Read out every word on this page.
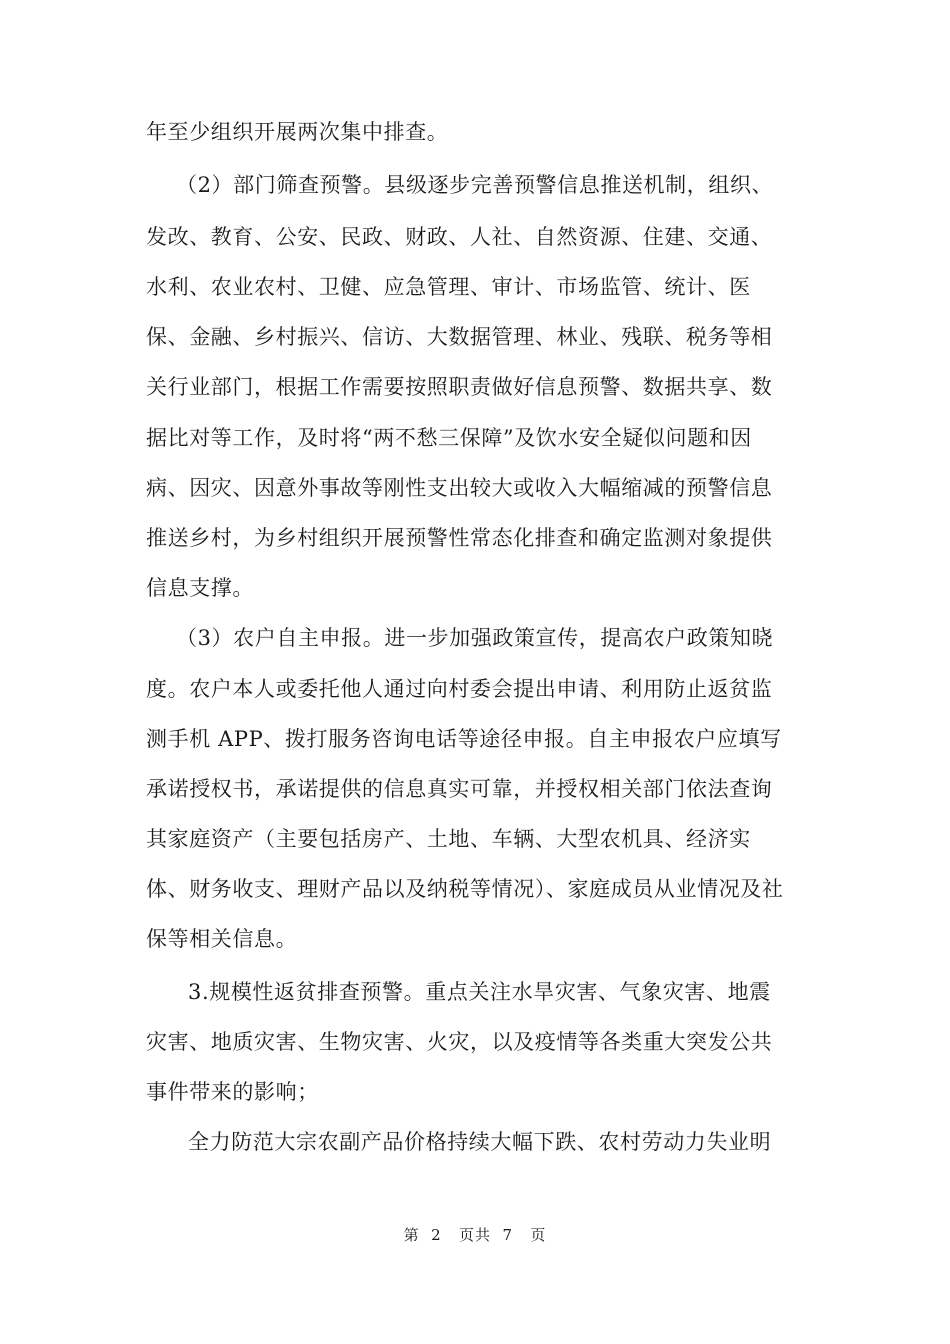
年至少组织开展两次集中排查。
（2）部门筛查预警。县级逐步完善预警信息推送机制，组织、
发改、教育、公安、民政、财政、人社、自然资源、住建、交通、
水利、农业农村、卫健、应急管理、审计、市场监管、统计、医
保、金融、乡村振兴、信访、大数据管理、林业、残联、税务等相
关行业部门，根据工作需要按照职责做好信息预警、数据共享、数
据比对等工作，及时将“两不愁三保障”及饮水安全疑似问题和因
病、因灾、因意外事故等刚性支出较大或收入大幅缩减的预警信息
推送乡村，为乡村组织开展预警性常态化排查和确定监测对象提供
信息支撑。
（3）农户自主申报。进一步加强政策宣传，提高农户政策知晓
度。农户本人或委托他人通过向村委会提出申请、利用防止返贫监
测手机 APP、拨打服务咨询电话等途径申报。自主申报农户应填写
承诺授权书，承诺提供的信息真实可靠，并授权相关部门依法查询
其家庭资产（主要包括房产、土地、车辆、大型农机具、经济实
体、财务收支、理财产品以及纳税等情况）、家庭成员从业情况及社
保等相关信息。
3.规模性返贫排查预警。重点关注水旱灾害、气象灾害、地震
灾害、地质灾害、生物灾害、火灾，以及疫情等各类重大突发公共
事件带来的影响；
全力防范大宗农副产品价格持续大幅下跌、农村劳动力失业明
第  2   页共  7   页
